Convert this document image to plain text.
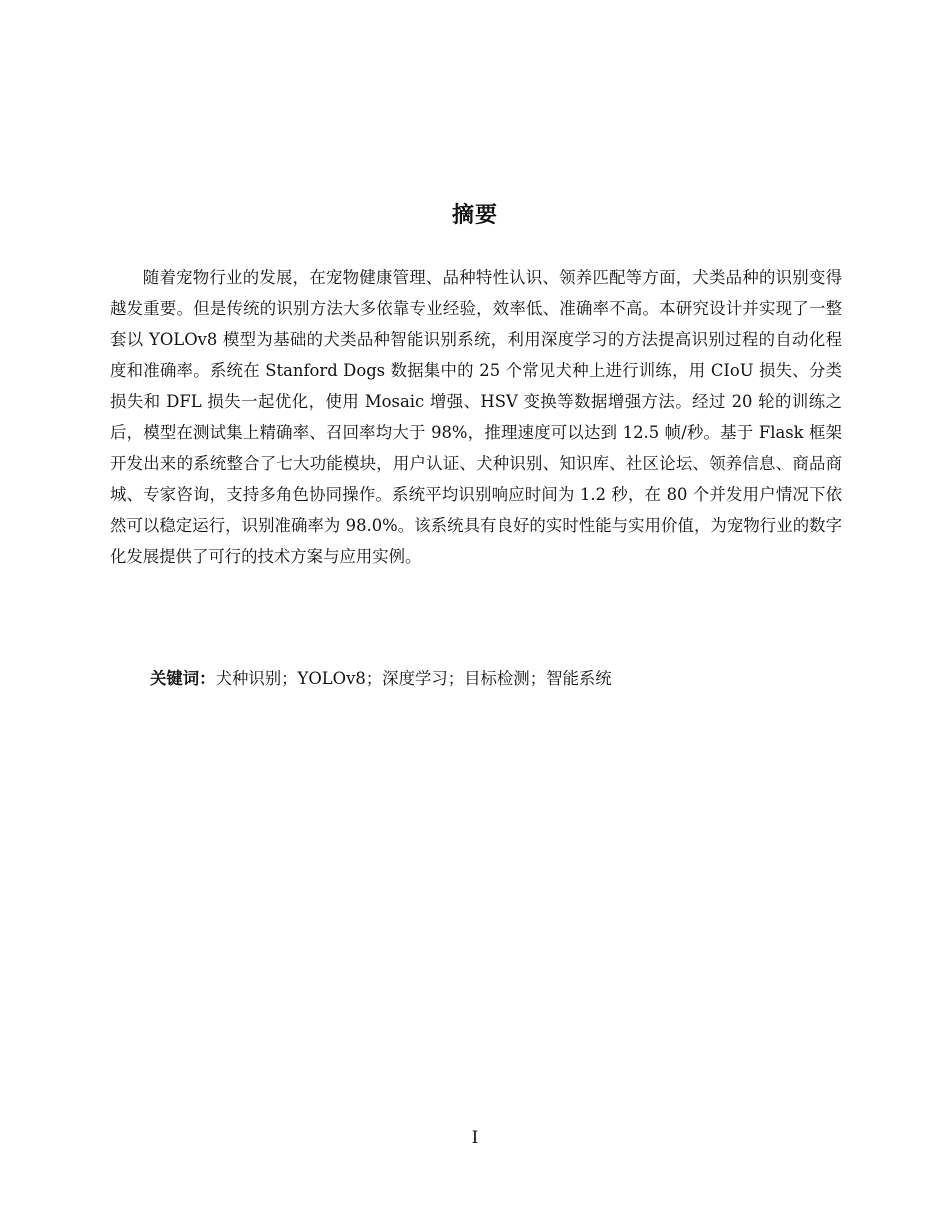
摘要

随着宠物行业的发展，在宠物健康管理、品种特性认识、领养匹配等方面，犬类品种的识别变得越发重要。但是传统的识别方法大多依靠专业经验，效率低、准确率不高。本研究设计并实现了一整套以 YOLOv8 模型为基础的犬类品种智能识别系统，利用深度学习的方法提高识别过程的自动化程度和准确率。系统在 Stanford Dogs 数据集中的 25 个常见犬种上进行训练，用 CIoU 损失、分类损失和 DFL 损失一起优化，使用 Mosaic 增强、HSV 变换等数据增强方法。经过 20 轮的训练之后，模型在测试集上精确率、召回率均大于 98%，推理速度可以达到 12.5 帧/秒。基于 Flask 框架开发出来的系统整合了七大功能模块，用户认证、犬种识别、知识库、社区论坛、领养信息、商品商城、专家咨询，支持多角色协同操作。系统平均识别响应时间为 1.2 秒，在 80 个并发用户情况下依然可以稳定运行，识别准确率为 98.0%。该系统具有良好的实时性能与实用价值，为宠物行业的数字化发展提供了可行的技术方案与应用实例。

关键词：犬种识别；YOLOv8；深度学习；目标检测；智能系统
I
